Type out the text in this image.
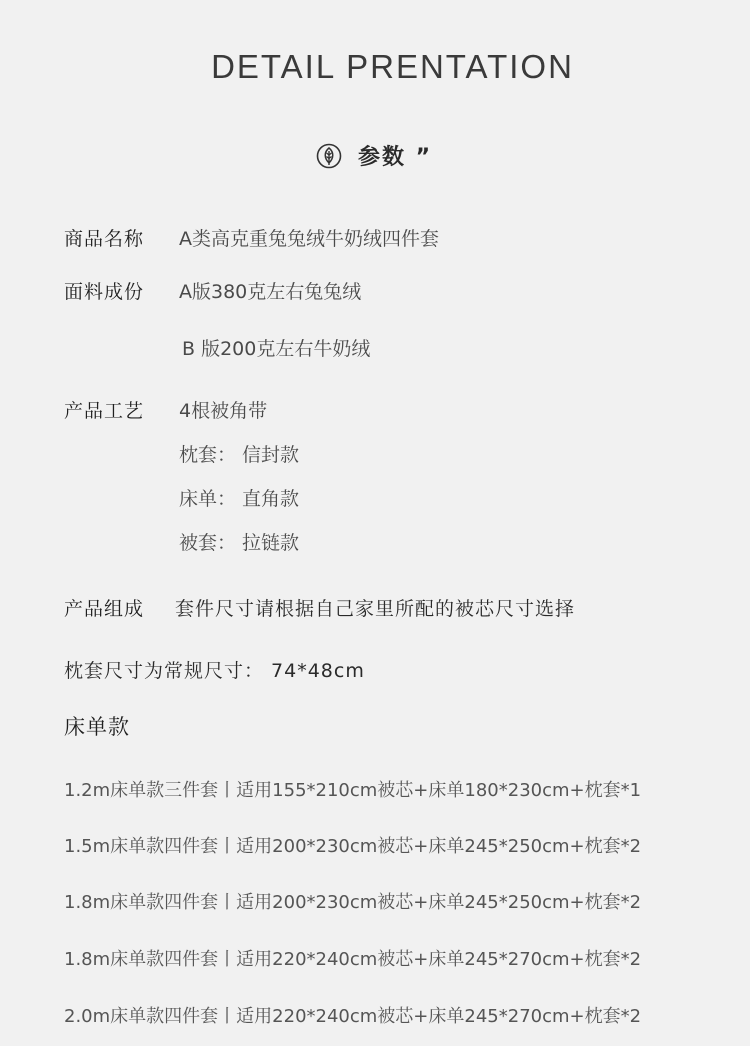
DETAIL PRENTATION
参数 ”
商品名称 A类高克重兔兔绒牛奶绒四件套
面料成份 A版380克左右兔兔绒
B 版200克左右牛奶绒
产品工艺 4根被角带
枕套： 信封款
床单： 直角款
被套： 拉链款
产品组成 套件尺寸请根据自己家里所配的被芯尺寸选择
枕套尺寸为常规尺寸： 74*48cm
床单款
1.2m床单款三件套丨适用155*210cm被芯+床单180*230cm+枕套*1
1.5m床单款四件套丨适用200*230cm被芯+床单245*250cm+枕套*2
1.8m床单款四件套丨适用200*230cm被芯+床单245*250cm+枕套*2
1.8m床单款四件套丨适用220*240cm被芯+床单245*270cm+枕套*2
2.0m床单款四件套丨适用220*240cm被芯+床单245*270cm+枕套*2
